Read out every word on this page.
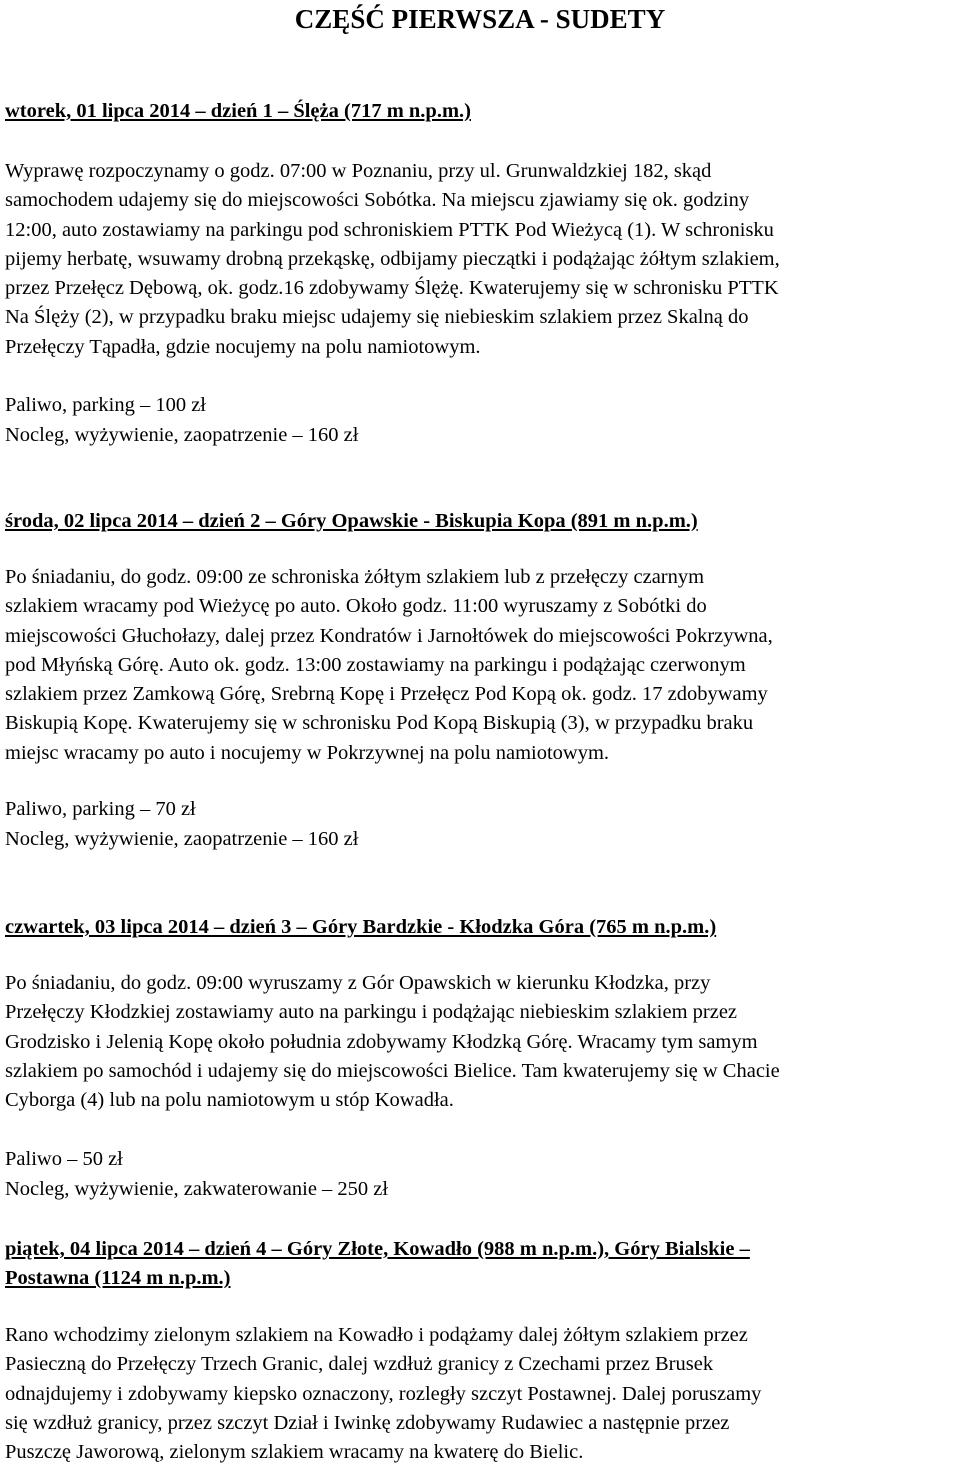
CZĘŚĆ PIERWSZA - SUDETY
wtorek, 01 lipca 2014 – dzień 1 – Ślęża (717 m n.p.m.)
Wyprawę rozpoczynamy o godz. 07:00 w Poznaniu, przy ul. Grunwaldzkiej 182, skąd
samochodem udajemy się do miejscowości Sobótka. Na miejscu zjawiamy się ok. godziny
12:00, auto zostawiamy na parkingu pod schroniskiem PTTK Pod Wieżycą (1). W schronisku
pijemy herbatę, wsuwamy drobną przekąskę, odbijamy pieczątki i podążając żółtym szlakiem,
przez Przełęcz Dębową, ok. godz.16 zdobywamy Ślężę. Kwaterujemy się w schronisku PTTK
Na Ślęży (2), w przypadku braku miejsc udajemy się niebieskim szlakiem przez Skalną do
Przełęczy Tąpadła, gdzie nocujemy na polu namiotowym.

Paliwo, parking – 100 zł

Nocleg, wyżywienie, zaopatrzenie – 160 zł

środa, 02 lipca 2014 – dzień 2 – Góry Opawskie - Biskupia Kopa (891 m n.p.m.)
Po śniadaniu, do godz. 09:00 ze schroniska żółtym szlakiem lub z przełęczy czarnym
szlakiem wracamy pod Wieżycę po auto. Około godz. 11:00 wyruszamy z Sobótki do
miejscowości Głuchołazy, dalej przez Kondratów i Jarnołtówek do miejscowości Pokrzywna,
pod Młyńską Górę. Auto ok. godz. 13:00 zostawiamy na parkingu i podążając czerwonym
szlakiem przez Zamkową Górę, Srebrną Kopę i Przełęcz Pod Kopą ok. godz. 17 zdobywamy
Biskupią Kopę. Kwaterujemy się w schronisku Pod Kopą Biskupią (3), w przypadku braku
miejsc wracamy po auto i nocujemy w Pokrzywnej na polu namiotowym.

Paliwo, parking – 70 zł

Nocleg, wyżywienie, zaopatrzenie – 160 zł

czwartek, 03 lipca 2014 – dzień 3 – Góry Bardzkie - Kłodzka Góra (765 m n.p.m.)
Po śniadaniu, do godz. 09:00 wyruszamy z Gór Opawskich w kierunku Kłodzka, przy
Przełęczy Kłodzkiej zostawiamy auto na parkingu i podążając niebieskim szlakiem przez
Grodzisko i Jelenią Kopę około południa zdobywamy Kłodzką Górę. Wracamy tym samym
szlakiem po samochód i udajemy się do miejscowości Bielice. Tam kwaterujemy się w Chacie
Cyborga (4) lub na polu namiotowym u stóp Kowadła.

Paliwo – 50 zł

Nocleg, wyżywienie, zakwaterowanie – 250 zł

piątek, 04 lipca 2014 – dzień 4 – Góry Złote, Kowadło (988 m n.p.m.), Góry Bialskie –
Postawna (1124 m n.p.m.)
Rano wchodzimy zielonym szlakiem na Kowadło i podążamy dalej żółtym szlakiem przez
Pasieczną do Przełęczy Trzech Granic, dalej wzdłuż granicy z Czechami przez Brusek
odnajdujemy i zdobywamy kiepsko oznaczony, rozległy szczyt Postawnej. Dalej poruszamy
się wzdłuż granicy, przez szczyt Dział i Iwinkę zdobywamy Rudawiec a następnie przez
Puszczę Jaworową, zielonym szlakiem wracamy na kwaterę do Bielic.
